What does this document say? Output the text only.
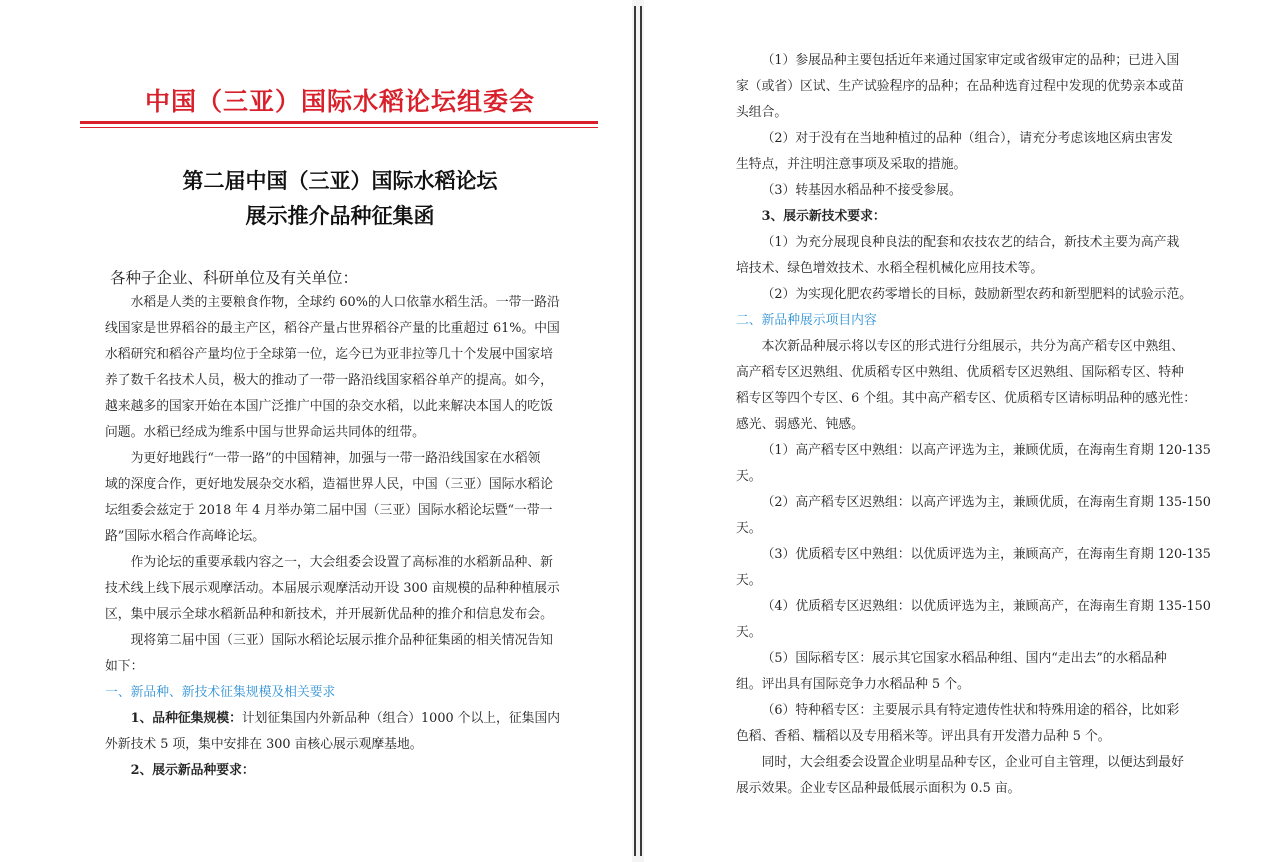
中国（三亚）国际水稻论坛组委会
第二届中国（三亚）国际水稻论坛
展示推介品种征集函
各种子企业、科研单位及有关单位：
水稻是人类的主要粮食作物，全球约 60%的人口依靠水稻生活。一带一路沿
线国家是世界稻谷的最主产区，稻谷产量占世界稻谷产量的比重超过 61%。中国
水稻研究和稻谷产量均位于全球第一位，迄今已为亚非拉等几十个发展中国家培
养了数千名技术人员，极大的推动了一带一路沿线国家稻谷单产的提高。如今，
越来越多的国家开始在本国广泛推广中国的杂交水稻，以此来解决本国人的吃饭
问题。水稻已经成为维系中国与世界命运共同体的纽带。
为更好地践行“一带一路”的中国精神，加强与一带一路沿线国家在水稻领
域的深度合作，更好地发展杂交水稻，造福世界人民，中国（三亚）国际水稻论
坛组委会兹定于 2018 年 4 月举办第二届中国（三亚）国际水稻论坛暨“一带一
路”国际水稻合作高峰论坛。
作为论坛的重要承载内容之一，大会组委会设置了高标准的水稻新品种、新
技术线上线下展示观摩活动。本届展示观摩活动开设 300 亩规模的品种种植展示
区，集中展示全球水稻新品种和新技术，并开展新优品种的推介和信息发布会。
现将第二届中国（三亚）国际水稻论坛展示推介品种征集函的相关情况告知
如下：
一、新品种、新技术征集规模及相关要求
1、品种征集规模：计划征集国内外新品种（组合）1000 个以上，征集国内
外新技术 5 项，集中安排在 300 亩核心展示观摩基地。
2、展示新品种要求：
（1）参展品种主要包括近年来通过国家审定或省级审定的品种；已进入国
家（或省）区试、生产试验程序的品种；在品种选育过程中发现的优势亲本或苗
头组合。
（2）对于没有在当地种植过的品种（组合），请充分考虑该地区病虫害发
生特点，并注明注意事项及采取的措施。
（3）转基因水稻品种不接受参展。
3、展示新技术要求：
（1）为充分展现良种良法的配套和农技农艺的结合，新技术主要为高产栽
培技术、绿色增效技术、水稻全程机械化应用技术等。
（2）为实现化肥农药零增长的目标，鼓励新型农药和新型肥料的试验示范。
二、新品种展示项目内容
本次新品种展示将以专区的形式进行分组展示，共分为高产稻专区中熟组、
高产稻专区迟熟组、优质稻专区中熟组、优质稻专区迟熟组、国际稻专区、特种
稻专区等四个专区、6 个组。其中高产稻专区、优质稻专区请标明品种的感光性：
感光、弱感光、钝感。
（1）高产稻专区中熟组：以高产评选为主，兼顾优质，在海南生育期 120-135
天。
（2）高产稻专区迟熟组：以高产评选为主，兼顾优质，在海南生育期 135-150
天。
（3）优质稻专区中熟组：以优质评选为主，兼顾高产，在海南生育期 120-135
天。
（4）优质稻专区迟熟组：以优质评选为主，兼顾高产，在海南生育期 135-150
天。
（5）国际稻专区：展示其它国家水稻品种组、国内“走出去”的水稻品种
组。评出具有国际竞争力水稻品种 5 个。
（6）特种稻专区：主要展示具有特定遗传性状和特殊用途的稻谷，比如彩
色稻、香稻、糯稻以及专用稻米等。评出具有开发潜力品种 5 个。
同时，大会组委会设置企业明星品种专区，企业可自主管理，以便达到最好
展示效果。企业专区品种最低展示面积为 0.5 亩。
